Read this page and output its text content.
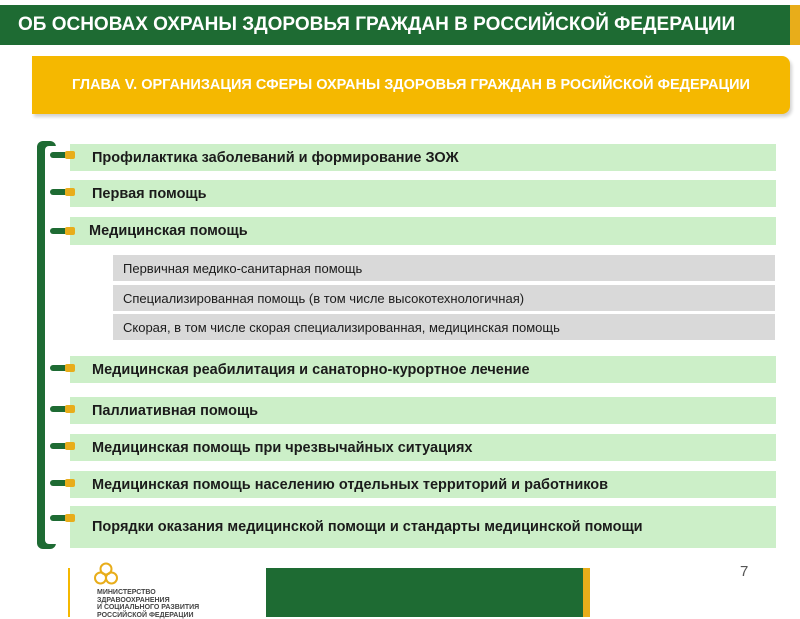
ОБ ОСНОВАХ ОХРАНЫ ЗДОРОВЬЯ ГРАЖДАН В РОССИЙСКОЙ ФЕДЕРАЦИИ
ГЛАВА V. ОРГАНИЗАЦИЯ СФЕРЫ ОХРАНЫ ЗДОРОВЬЯ ГРАЖДАН В РОСИЙСКОЙ ФЕДЕРАЦИИ
Профилактика заболеваний и формирование ЗОЖ
Первая помощь
Медицинская помощь
Первичная медико-санитарная помощь
Специализированная помощь (в том числе высокотехнологичная)
Скорая, в том числе скорая специализированная, медицинская помощь
Медицинская реабилитация и санаторно-курортное лечение
Паллиативная помощь
Медицинская помощь при чрезвычайных ситуациях
Медицинская помощь населению отдельных территорий и работников
Порядки оказания медицинской помощи и стандарты медицинской помощи
7
МИНИСТЕРСТВО
ЗДРАВООХРАНЕНИЯ
И СОЦИАЛЬНОГО РАЗВИТИЯ
РОССИЙСКОЙ ФЕДЕРАЦИИ
